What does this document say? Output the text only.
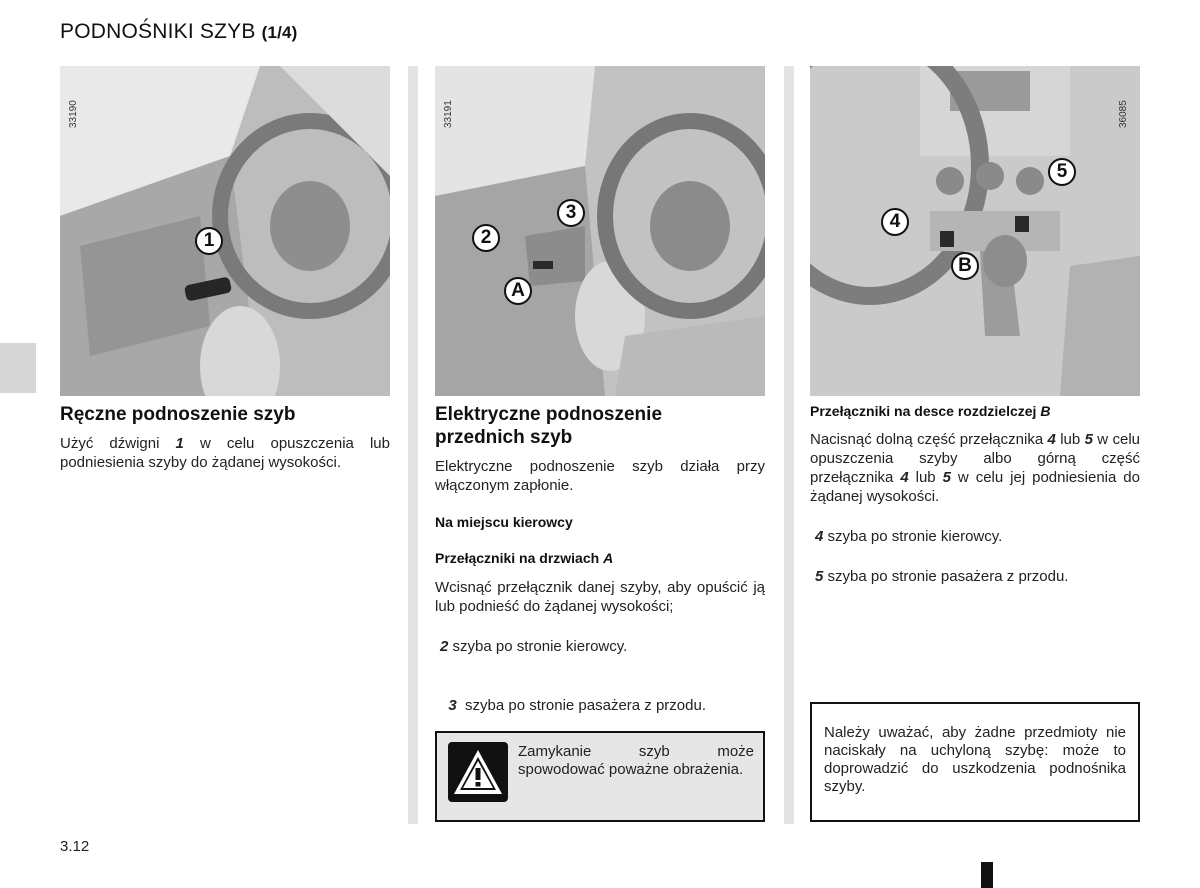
PODNOŚNIKI SZYB (1/4)
33190
1
Ręczne podnoszenie szyb
Użyć dźwigni 1 w celu opuszczenia lub podniesienia szyby do żądanej wysokości.
33191
2
3
A
Elektryczne podnoszenie
przednich szyb
Elektryczne podnoszenie szyb działa przy włączonym zapłonie.
Na miejscu kierowcy
Przełączniki na drzwiach A
Wcisnąć przełącznik danej szyby, aby opuścić ją lub podnieść do żądanej wysokości;
2 szyba po stronie kierowcy.

3  szyba po stronie pasażera z przodu.

Zamykanie szyb może spowodować poważne obrażenia.
36085
4
5
B
Przełączniki na desce rozdzielczej B
Nacisnąć dolną część przełącznika 4 lub 5 w celu opuszczenia szyby albo górną część przełącznika 4 lub 5 w celu jej podniesienia do żądanej wysokości.
4 szyba po stronie kierowcy.
5 szyba po stronie pasażera z przodu.
Należy uważać, aby żadne przedmioty nie naciskały na uchyloną szybę: może to doprowadzić do uszkodzenia podnośnika szyby.
3.12
